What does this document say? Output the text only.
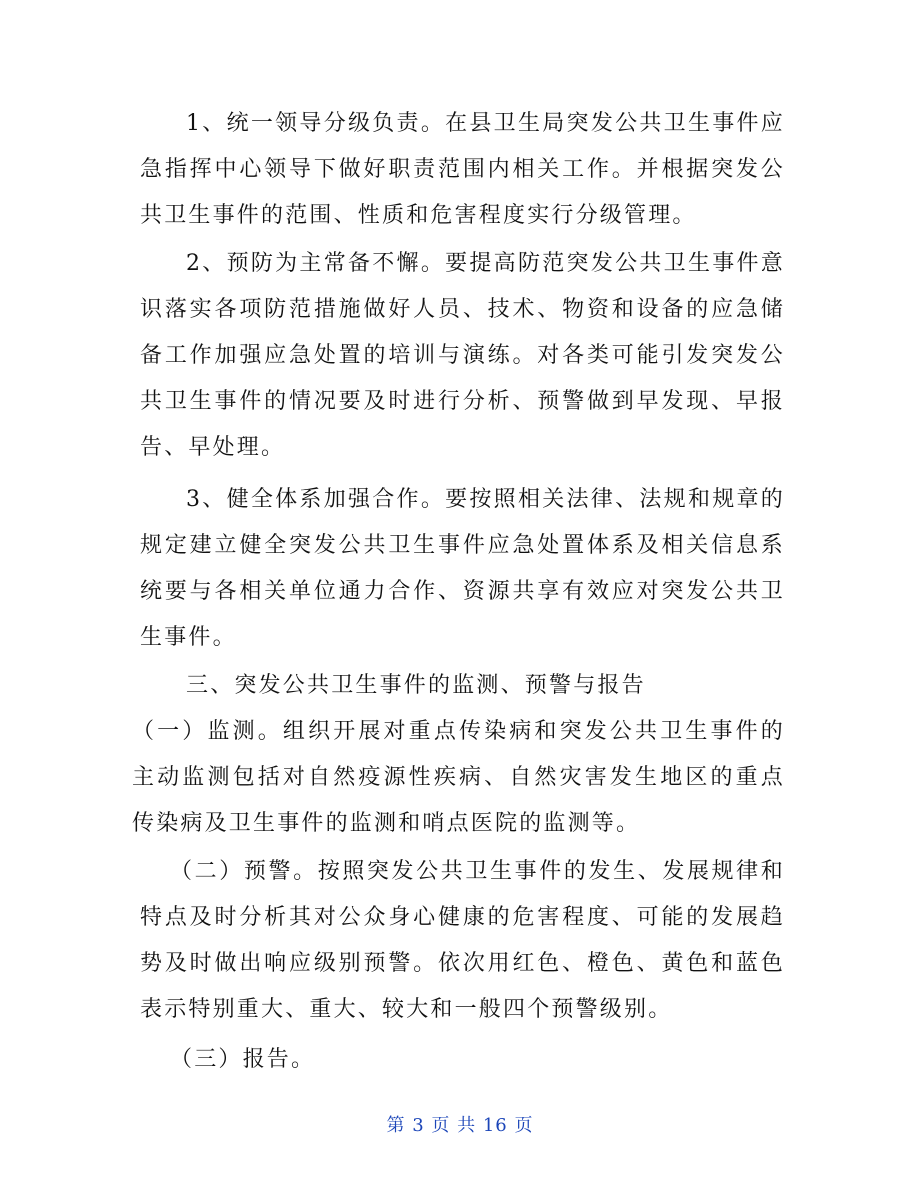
1、统一领导分级负责。在县卫生局突发公共卫生事件应急指挥中心领导下做好职责范围内相关工作。并根据突发公共卫生事件的范围、性质和危害程度实行分级管理。

2、预防为主常备不懈。要提高防范突发公共卫生事件意识落实各项防范措施做好人员、技术、物资和设备的应急储备工作加强应急处置的培训与演练。对各类可能引发突发公共卫生事件的情况要及时进行分析、预警做到早发现、早报告、早处理。

3、健全体系加强合作。要按照相关法律、法规和规章的规定建立健全突发公共卫生事件应急处置体系及相关信息系统要与各相关单位通力合作、资源共享有效应对突发公共卫生事件。

三、突发公共卫生事件的监测、预警与报告

（一）监测。组织开展对重点传染病和突发公共卫生事件的主动监测包括对自然疫源性疾病、自然灾害发生地区的重点传染病及卫生事件的监测和哨点医院的监测等。

（二）预警。按照突发公共卫生事件的发生、发展规律和特点及时分析其对公众身心健康的危害程度、可能的发展趋势及时做出响应级别预警。依次用红色、橙色、黄色和蓝色表示特别重大、重大、较大和一般四个预警级别。

（三）报告。

第 3 页 共 16 页
